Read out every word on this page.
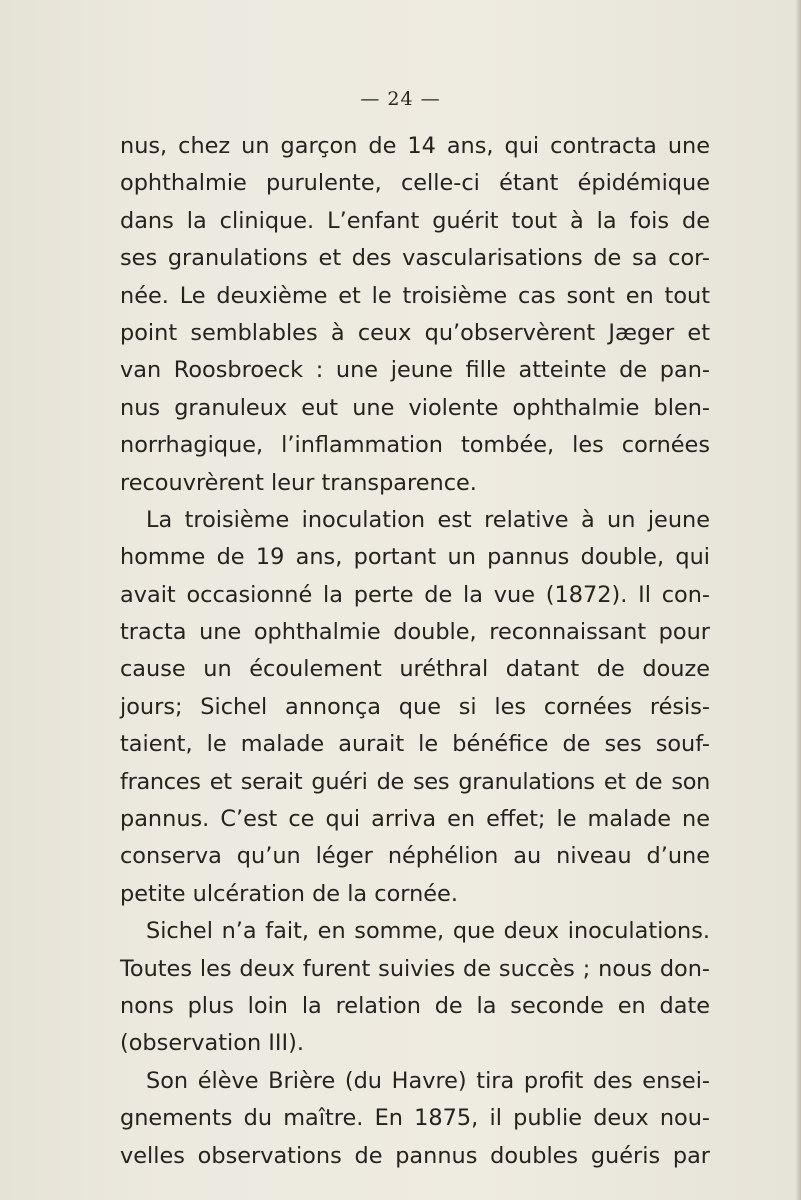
— 24 —
nus, chez un garçon de 14 ans, qui contracta une
ophthalmie purulente, celle-ci étant épidémique
dans la clinique. L’enfant guérit tout à la fois de
ses granulations et des vascularisations de sa cor-
née. Le deuxième et le troisième cas sont en tout
point semblables à ceux qu’observèrent Jæger et
van Roosbroeck : une jeune fille atteinte de pan-
nus granuleux eut une violente ophthalmie blen-
norrhagique, l’inflammation tombée, les cornées
recouvrèrent leur transparence.
La troisième inoculation est relative à un jeune
homme de 19 ans, portant un pannus double, qui
avait occasionné la perte de la vue (1872). Il con-
tracta une ophthalmie double, reconnaissant pour
cause un écoulement uréthral datant de douze
jours; Sichel annonça que si les cornées résis-
taient, le malade aurait le bénéfice de ses souf-
frances et serait guéri de ses granulations et de son
pannus. C’est ce qui arriva en effet; le malade ne
conserva qu’un léger néphélion au niveau d’une
petite ulcération de la cornée.
Sichel n’a fait, en somme, que deux inoculations.
Toutes les deux furent suivies de succès ; nous don-
nons plus loin la relation de la seconde en date
(observation III).
Son élève Brière (du Havre) tira profit des ensei-
gnements du maître. En 1875, il publie deux nou-
velles observations de pannus doubles guéris par
